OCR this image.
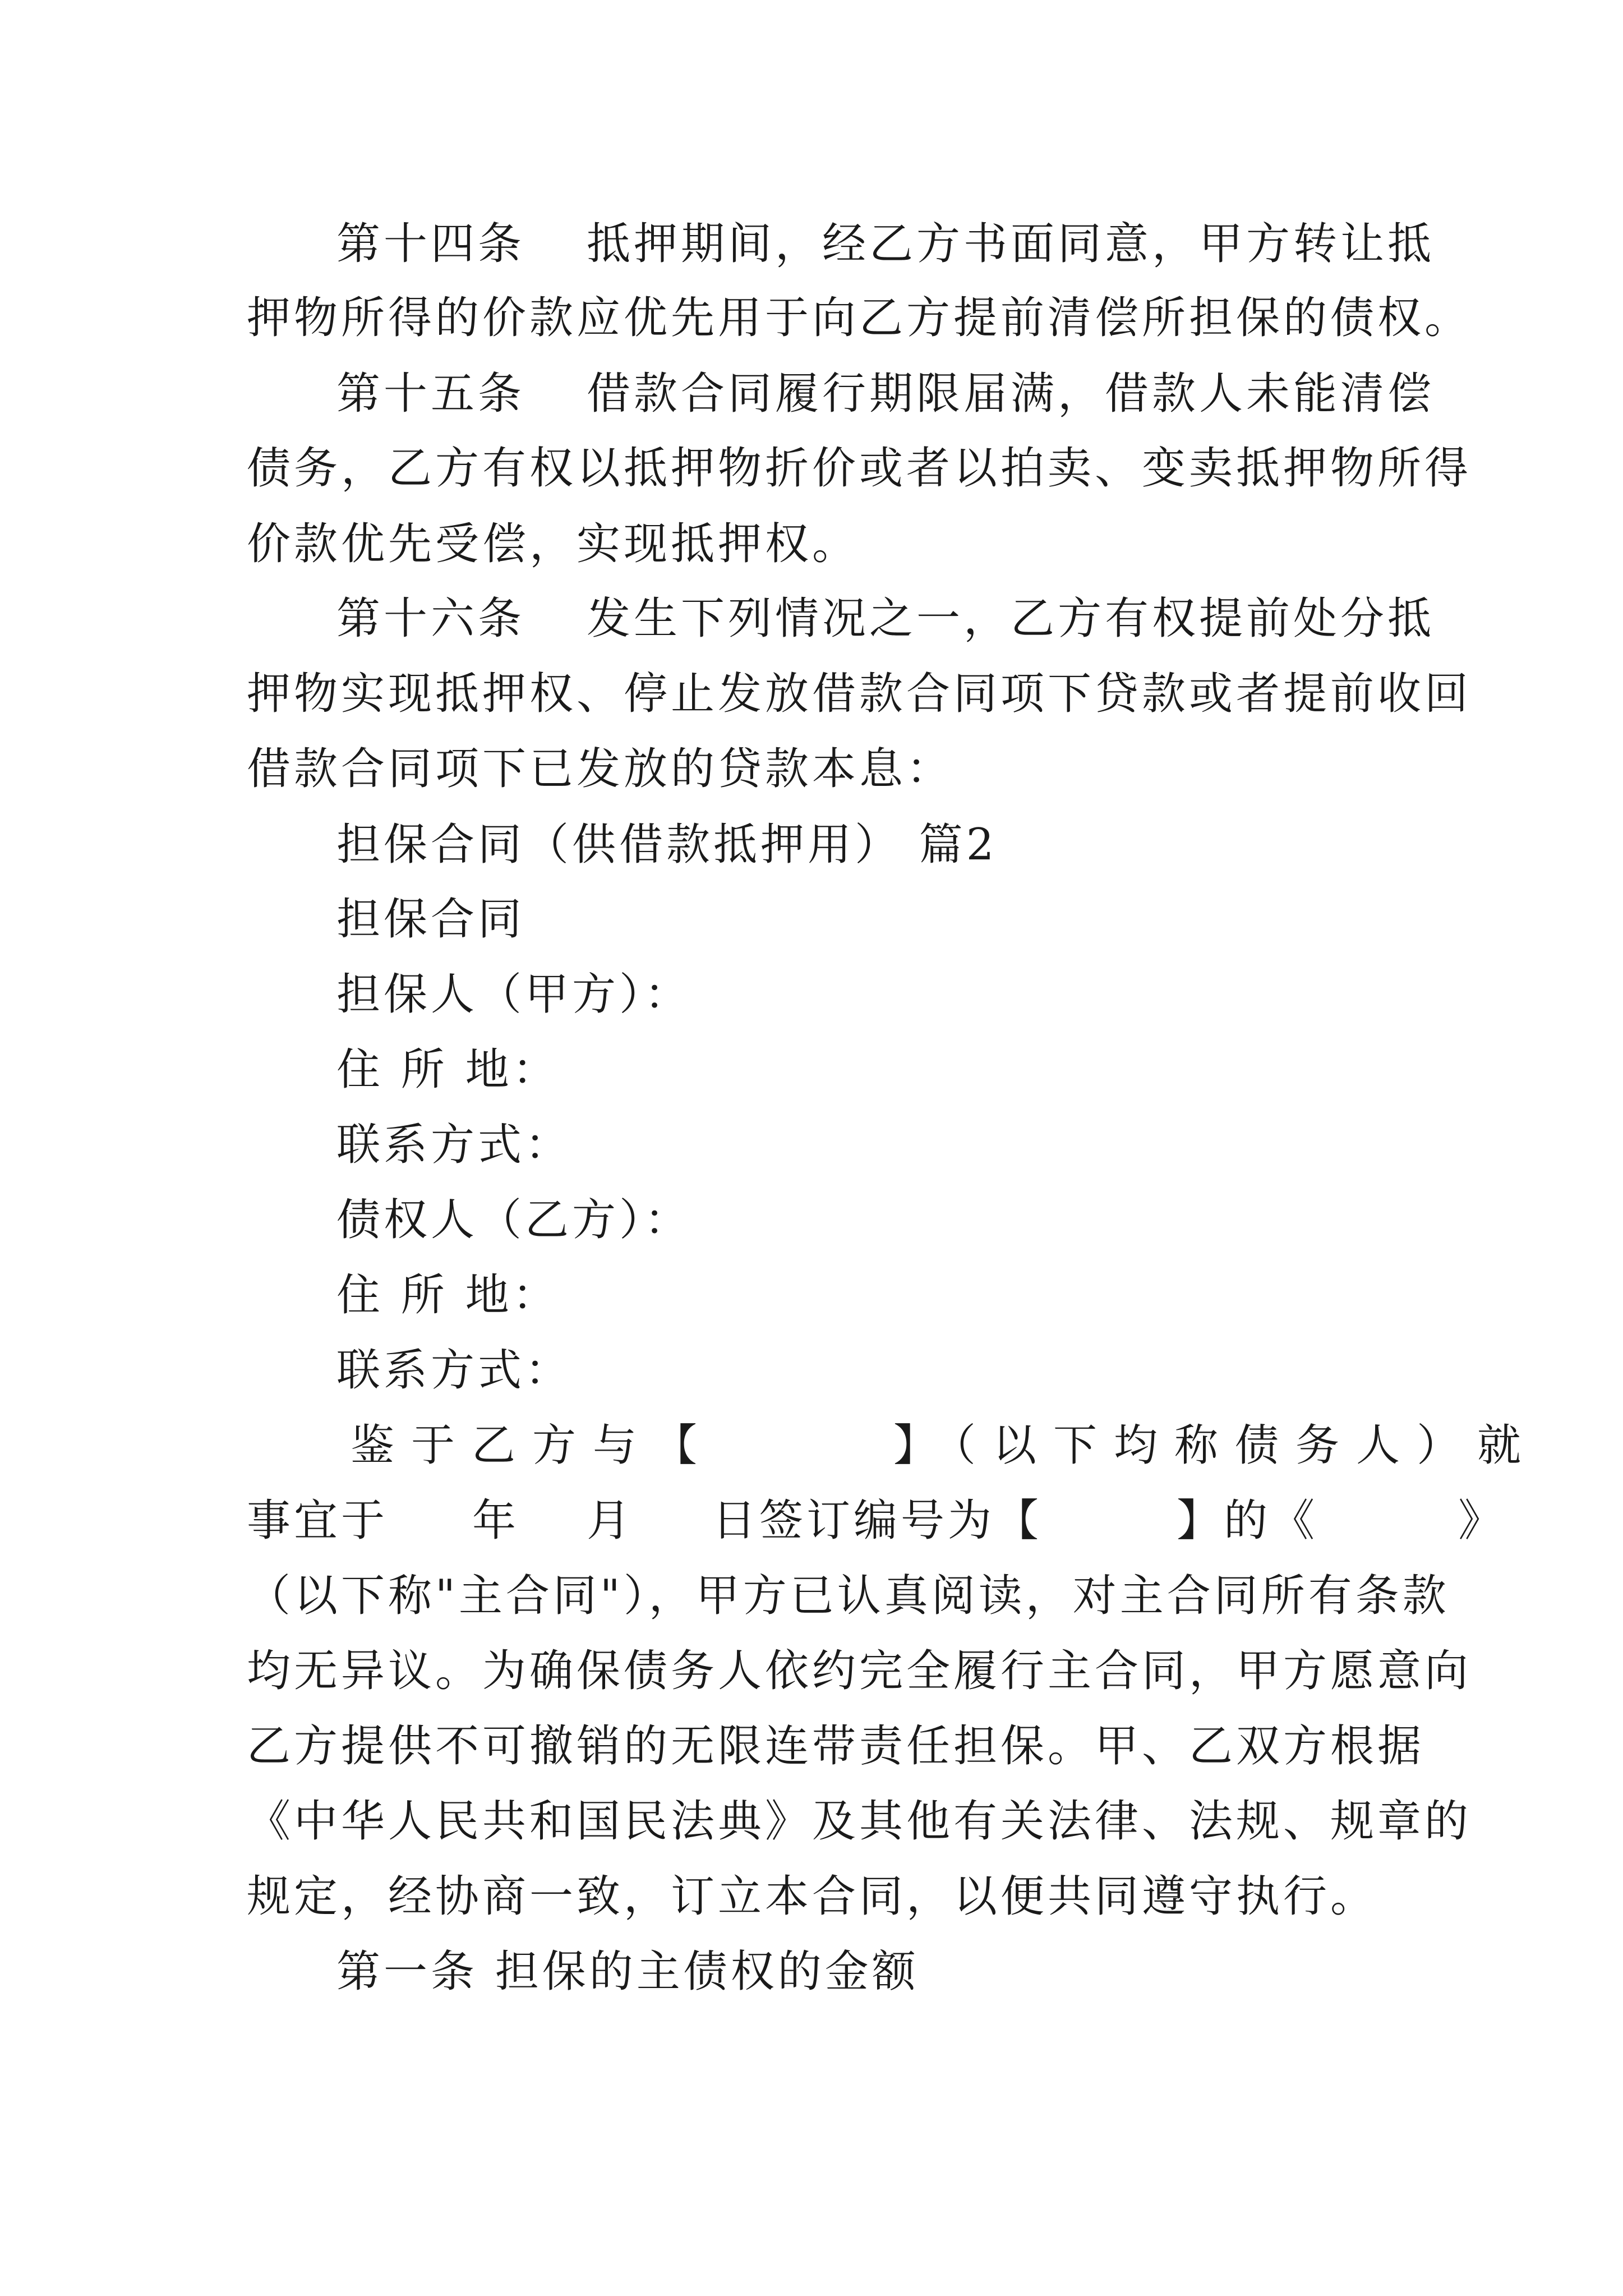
第十四条 抵押期间，经乙方书面同意，甲方转让抵
押物所得的价款应优先用于向乙方提前清偿所担保的债权。
第十五条 借款合同履行期限届满，借款人未能清偿
债务，乙方有权以抵押物折价或者以拍卖、变卖抵押物所得
价款优先受偿，实现抵押权。
第十六条 发生下列情况之一，乙方有权提前处分抵
押物实现抵押权、停止发放借款合同项下贷款或者提前收回
借款合同项下已发放的贷款本息：
担保合同（供借款抵押用） 篇2
担保合同
担保人（甲方）：
住 所 地：
联系方式：
债权人（乙方）：
住 所 地：
联系方式：
鉴于乙方与【	】（以下均称债务人）就
事宜于 年 月 日签订编号为【	】的《	》
（以下称"主合同"），甲方已认真阅读，对主合同所有条款
均无异议。为确保债务人依约完全履行主合同，甲方愿意向
乙方提供不可撤销的无限连带责任担保。甲、乙双方根据
《中华人民共和国民法典》及其他有关法律、法规、规章的
规定，经协商一致，订立本合同，以便共同遵守执行。
第一条 担保的主债权的金额
